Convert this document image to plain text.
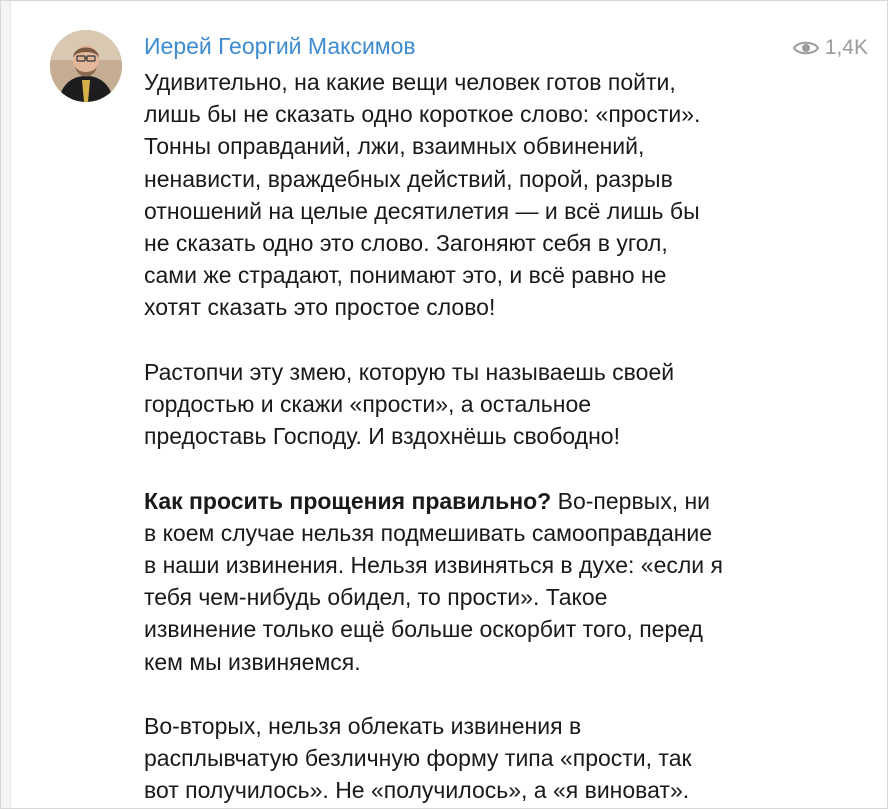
Иерей Георгий Максимов	1,4K

Удивительно, на какие вещи человек готов пойти,
лишь бы не сказать одно короткое слово: «прости».
Тонны оправданий, лжи, взаимных обвинений,
ненависти, враждебных действий, порой, разрыв
отношений на целые десятилетия — и всё лишь бы
не сказать одно это слово. Загоняют себя в угол,
сами же страдают, понимают это, и всё равно не
хотят сказать это простое слово!

Растопчи эту змею, которую ты называешь своей
гордостью и скажи «прости», а остальное
предоставь Господу. И вздохнёшь свободно!

Как просить прощения правильно? Во-первых, ни
в коем случае нельзя подмешивать самооправдание
в наши извинения. Нельзя извиняться в духе: «если я
тебя чем-нибудь обидел, то прости». Такое
извинение только ещё больше оскорбит того, перед
кем мы извиняемся.

Во-вторых, нельзя облекать извинения в
расплывчатую безличную форму типа «прости, так
вот получилось». Не «получилось», а «я виноват».
